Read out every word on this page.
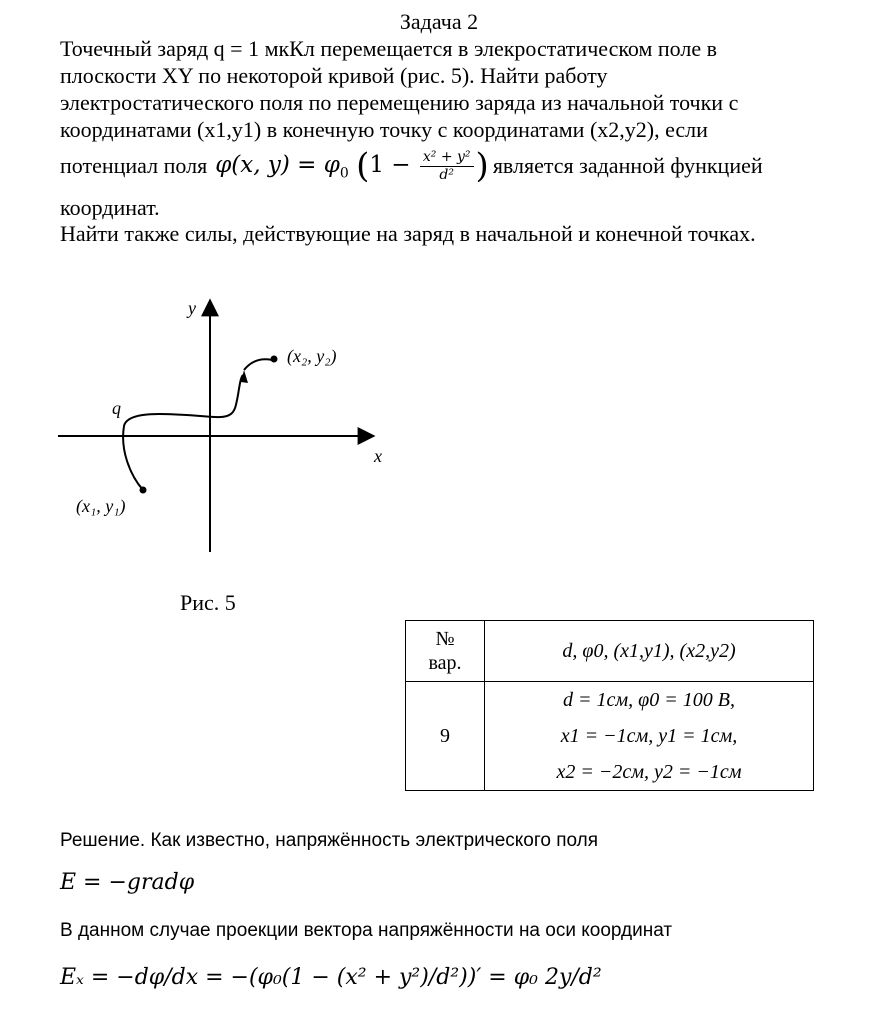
Задача 2
Точечный заряд q = 1 мкКл перемещается в элекростатическом поле в
плоскости XY по некоторой кривой (рис. 5). Найти работу
электростатического поля по перемещению заряда из начальной точки с
координатами (x1,y1) в конечную точку с координатами (x2,y2), если
потенциал поля φ(x, $y) = \varphi_0$ ($1 - \frac{\text{x² + y²}}{\text{d²}}$ ) является заданной функцией
координат.
Найти также силы, действующие на заряд в начальной и конечной точках.
x
y
q
(x₁, y₁)
(x₂, y₂)
Рис. 5
№
вар.	d, φ0, (x1,y1), (x2,y2)
9	d = 1см, φ0 = 100 B,
x1 = −1см, y1 = 1см,
x2 = −2см, y2 = −1см
Решение. Как известно, напряжённость электрического поля
E = −gradφ
В данном случае проекции вектора напряжённости на оси координат
Eₓ = −dφ/dx = −(φ₀(1 − (x² + y²)/d²))′ = φ₀ 2y/d²
